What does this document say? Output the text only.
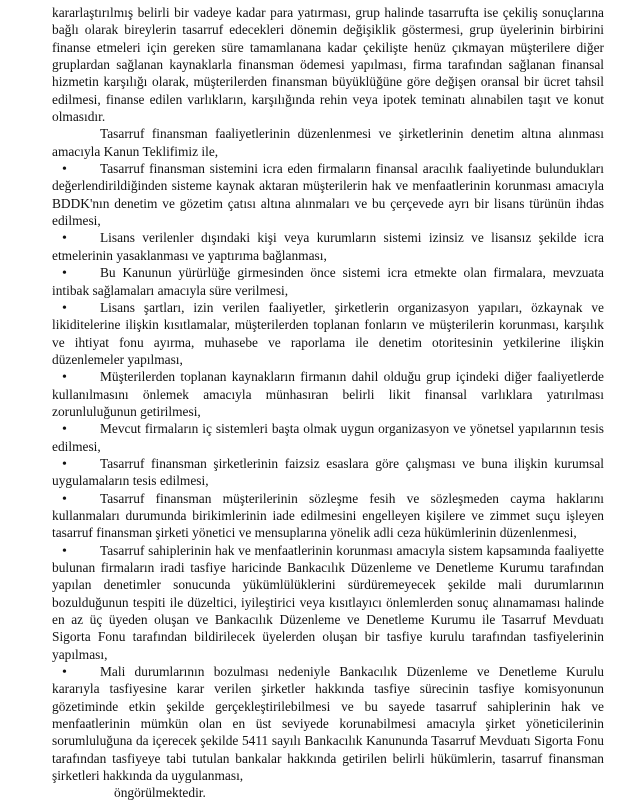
kararlaştırılmış belirli bir vadeye kadar para yatırması, grup halinde tasarrufta ise çekiliş sonuçlarına bağlı olarak bireylerin tasarruf edecekleri dönemin değişiklik göstermesi, grup üyelerinin birbirini finanse etmeleri için gereken süre tamamlanana kadar çekilişte henüz çıkmayan müşterilere diğer gruplardan sağlanan kaynaklarla finansman ödemesi yapılması, firma tarafından sağlanan finansal hizmetin karşılığı olarak, müşterilerden finansman büyüklüğüne göre değişen oransal bir ücret tahsil edilmesi, finanse edilen varlıkların, karşılığında rehin veya ipotek teminatı alınabilen taşıt ve konut olmasıdır.

Tasarruf finansman faaliyetlerinin düzenlenmesi ve şirketlerinin denetim altına alınması amacıyla Kanun Teklifimiz ile,

• Tasarruf finansman sistemini icra eden firmaların finansal aracılık faaliyetinde bulundukları değerlendirildiğinden sisteme kaynak aktaran müşterilerin hak ve menfaatlerinin korunması amacıyla BDDK'nın denetim ve gözetim çatısı altına alınmaları ve bu çerçevede ayrı bir lisans türünün ihdas edilmesi,

• Lisans verilenler dışındaki kişi veya kurumların sistemi izinsiz ve lisansız şekilde icra etmelerinin yasaklanması ve yaptırıma bağlanması,

• Bu Kanunun yürürlüğe girmesinden önce sistemi icra etmekte olan firmalara, mevzuata intibak sağlamaları amacıyla süre verilmesi,

• Lisans şartları, izin verilen faaliyetler, şirketlerin organizasyon yapıları, özkaynak ve likiditelerine ilişkin kısıtlamalar, müşterilerden toplanan fonların ve müşterilerin korunması, karşılık ve ihtiyat fonu ayırma, muhasebe ve raporlama ile denetim otoritesinin yetkilerine ilişkin düzenlemeler yapılması,

• Müşterilerden toplanan kaynakların firmanın dahil olduğu grup içindeki diğer faaliyetlerde kullanılmasını önlemek amacıyla münhasıran belirli likit finansal varlıklara yatırılması zorunluluğunun getirilmesi,

• Mevcut firmaların iç sistemleri başta olmak uygun organizasyon ve yönetsel yapılarının tesis edilmesi,

• Tasarruf finansman şirketlerinin faizsiz esaslara göre çalışması ve buna ilişkin kurumsal uygulamaların tesis edilmesi,

• Tasarruf finansman müşterilerinin sözleşme fesih ve sözleşmeden cayma haklarını kullanmaları durumunda birikimlerinin iade edilmesini engelleyen kişilere ve zimmet suçu işleyen tasarruf finansman şirketi yönetici ve mensuplarına yönelik adli ceza hükümlerinin düzenlenmesi,

• Tasarruf sahiplerinin hak ve menfaatlerinin korunması amacıyla sistem kapsamında faaliyette bulunan firmaların iradi tasfiye haricinde Bankacılık Düzenleme ve Denetleme Kurumu tarafından yapılan denetimler sonucunda yükümlülüklerini sürdüremeyecek şekilde mali durumlarının bozulduğunun tespiti ile düzeltici, iyileştirici veya kısıtlayıcı önlemlerden sonuç alınamaması halinde en az üç üyeden oluşan ve Bankacılık Düzenleme ve Denetleme Kurumu ile Tasarruf Mevduatı Sigorta Fonu tarafından bildirilecek üyelerden oluşan bir tasfiye kurulu tarafından tasfiyelerinin yapılması,

• Mali durumlarının bozulması nedeniyle Bankacılık Düzenleme ve Denetleme Kurulu kararıyla tasfiyesine karar verilen şirketler hakkında tasfiye sürecinin tasfiye komisyonunun gözetiminde etkin şekilde gerçekleştirilebilmesi ve bu sayede tasarruf sahiplerinin hak ve menfaatlerinin mümkün olan en üst seviyede korunabilmesi amacıyla şirket yöneticilerinin sorumluluğuna da içerecek şekilde 5411 sayılı Bankacılık Kanununda Tasarruf Mevduatı Sigorta Fonu tarafından tasfiyeye tabi tutulan bankalar hakkında getirilen belirli hükümlerin, tasarruf finansman şirketleri hakkında da uygulanması,

öngörülmektedir.
